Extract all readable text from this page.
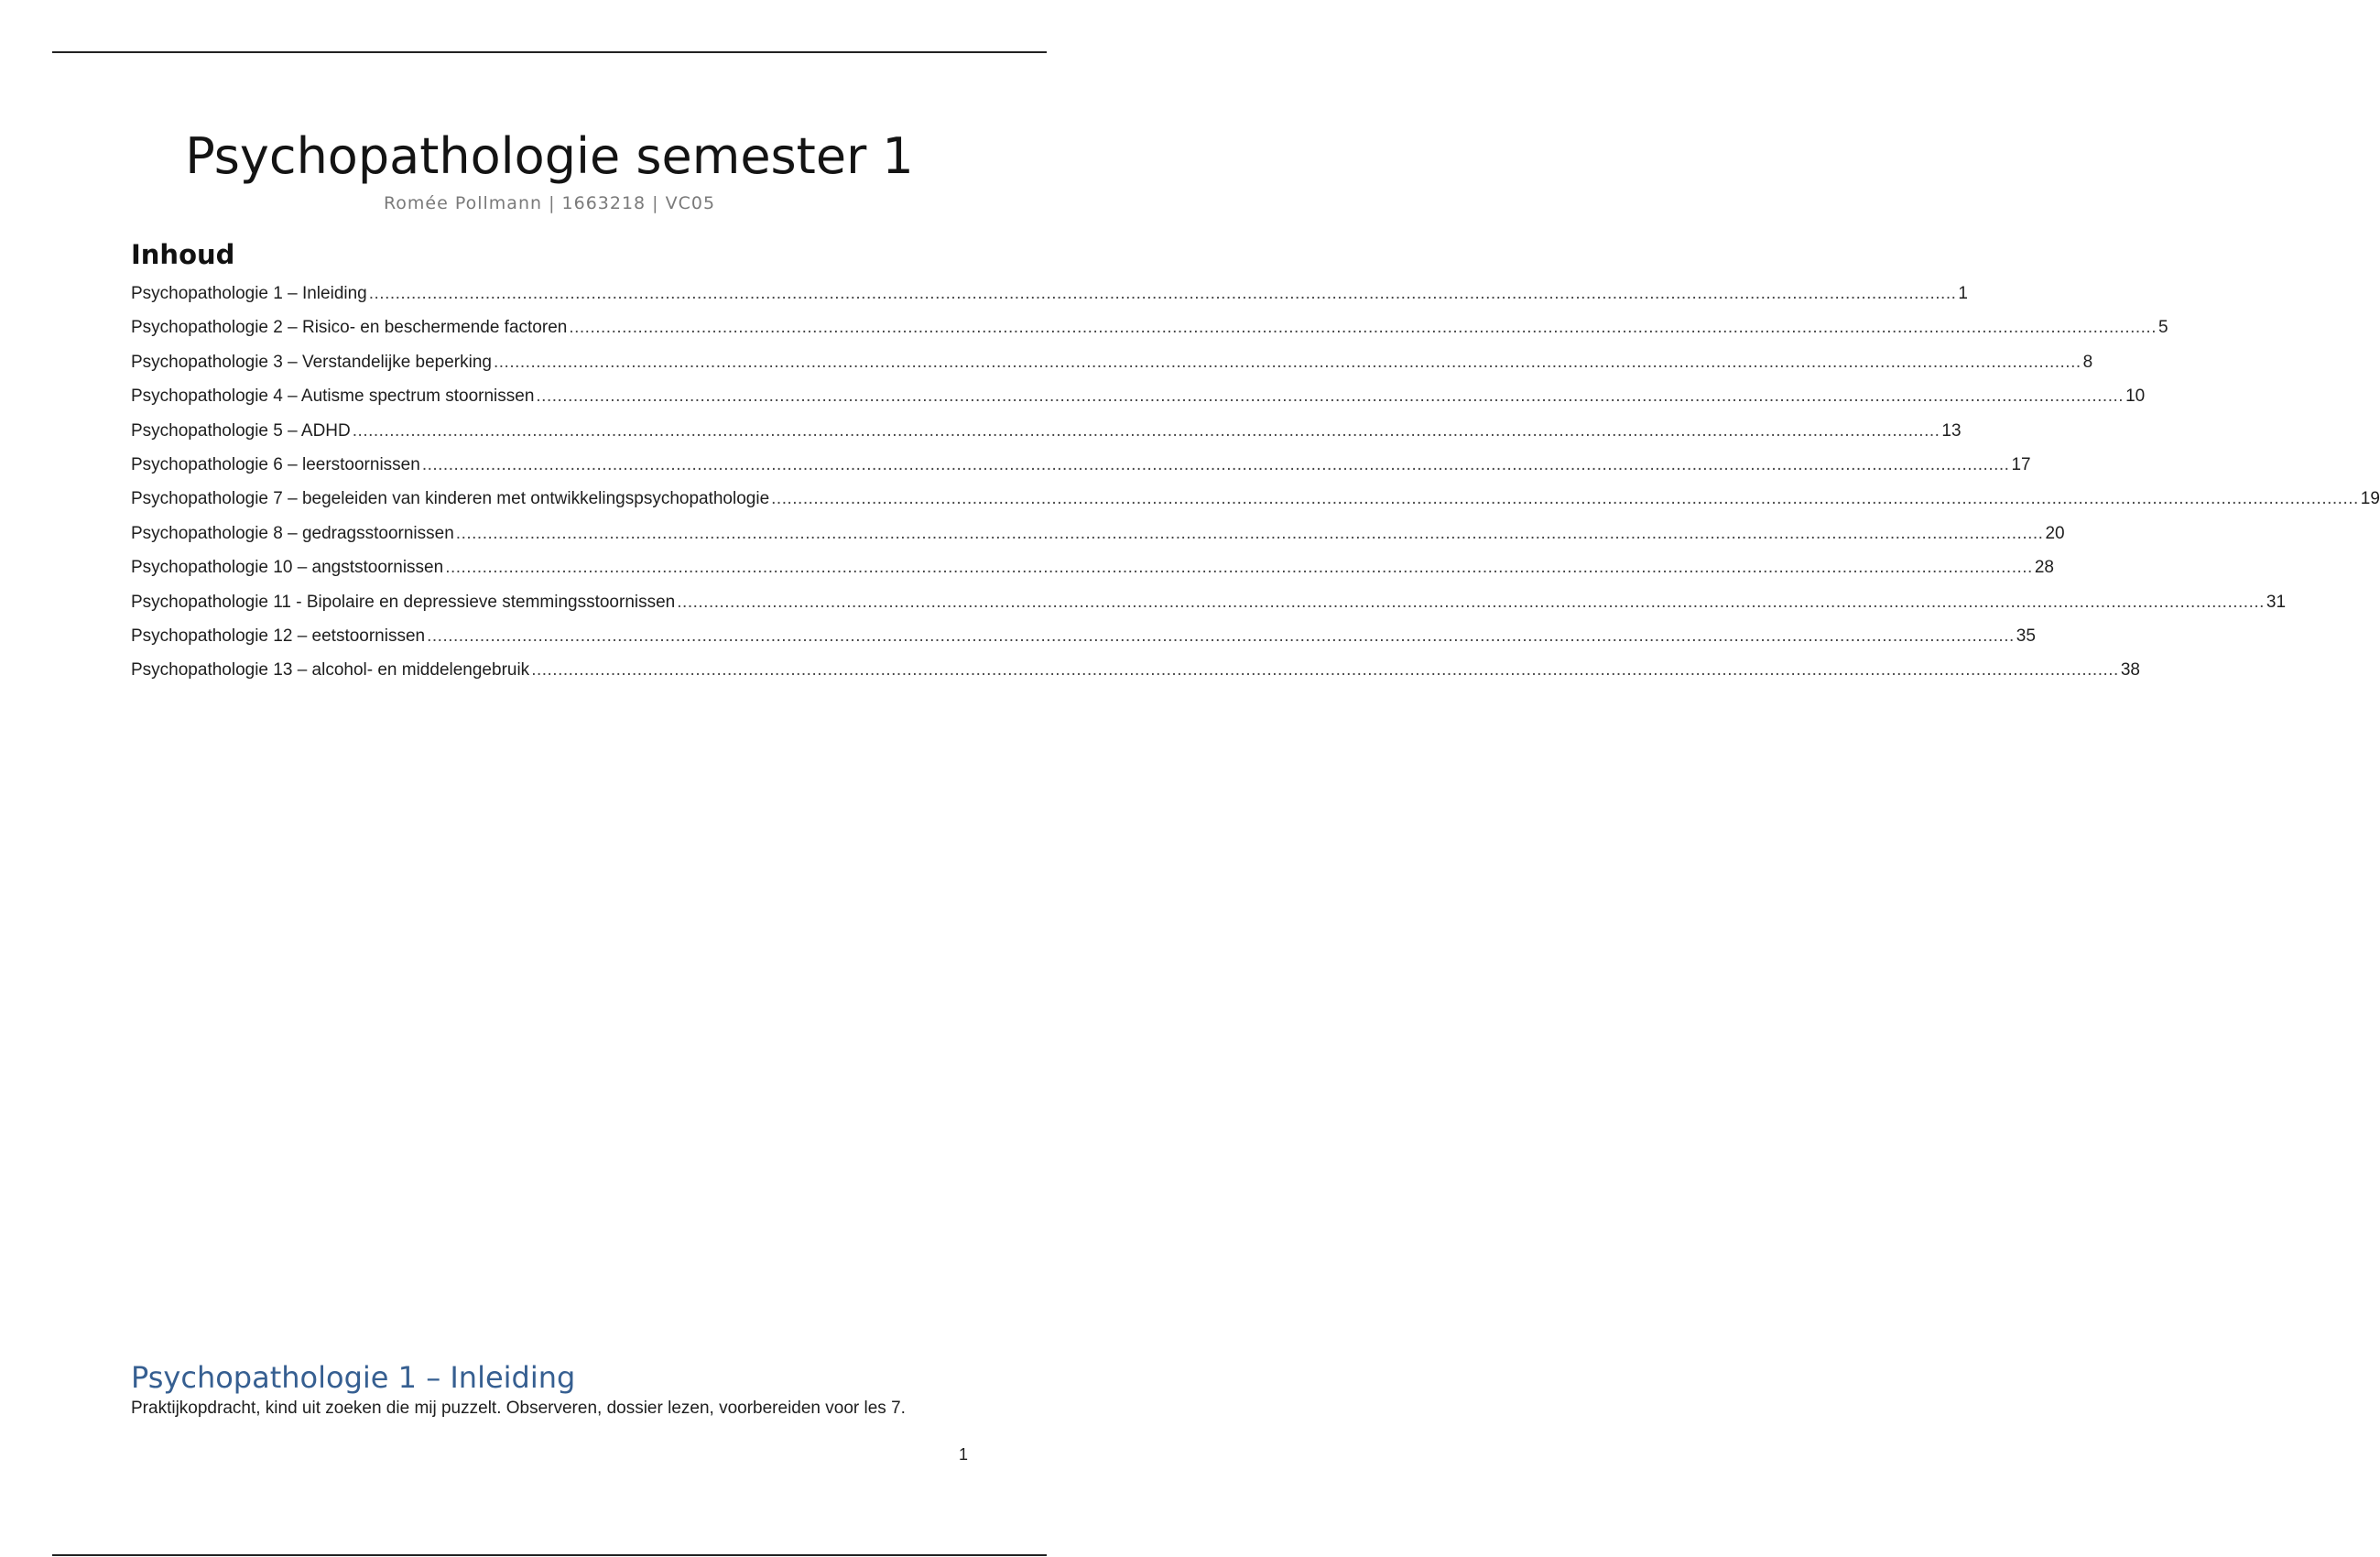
Psychopathologie semester 1
Romée Pollmann | 1663218 | VC05
Inhoud
Psychopathologie 1 – Inleiding ............................................................................................................................................................................................................................................................................................................ 1
Psychopathologie 2 – Risico- en beschermende factoren ............................................................................................................................................................................................................................................................................................................ 5
Psychopathologie 3 – Verstandelijke beperking ............................................................................................................................................................................................................................................................................................................ 8
Psychopathologie 4 – Autisme spectrum stoornissen ............................................................................................................................................................................................................................................................................................................ 10
Psychopathologie 5 – ADHD ............................................................................................................................................................................................................................................................................................................ 13
Psychopathologie 6 – leerstoornissen ............................................................................................................................................................................................................................................................................................................ 17
Psychopathologie 7 – begeleiden van kinderen met ontwikkelingspsychopathologie ............................................................................................................................................................................................................................................................................................................ 19
Psychopathologie 8 – gedragsstoornissen ............................................................................................................................................................................................................................................................................................................ 20
Psychopathologie 10 – angststoornissen ............................................................................................................................................................................................................................................................................................................ 28
Psychopathologie 11 - Bipolaire en depressieve stemmingsstoornissen ............................................................................................................................................................................................................................................................................................................ 31
Psychopathologie 12 – eetstoornissen ............................................................................................................................................................................................................................................................................................................ 35
Psychopathologie 13 – alcohol- en middelengebruik ............................................................................................................................................................................................................................................................................................................ 38
Psychopathologie 1 – Inleiding
Praktijkopdracht, kind uit zoeken die mij puzzelt. Observeren, dossier lezen, voorbereiden voor les 7.
1
